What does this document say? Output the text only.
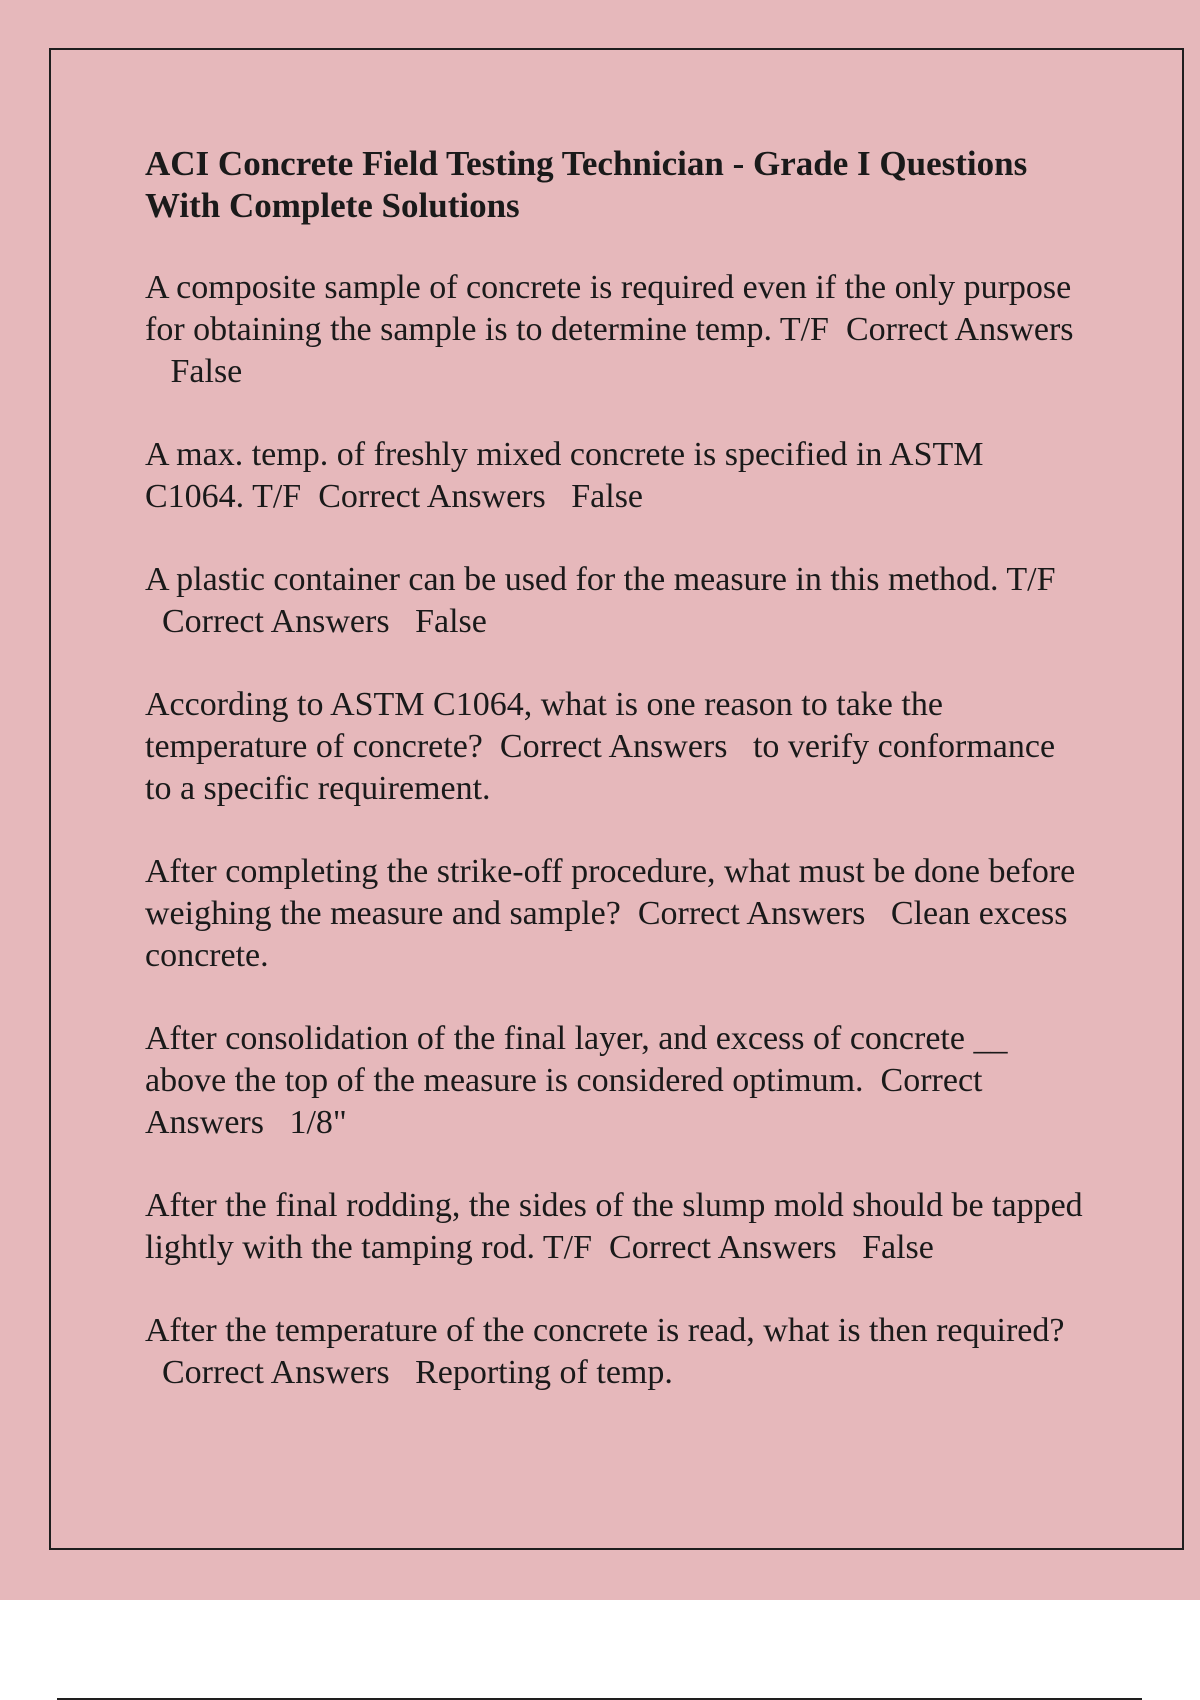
ACI Concrete Field Testing Technician - Grade I Questions With Complete Solutions
A composite sample of concrete is required even if the only purpose for obtaining the sample is to determine temp. T/F Correct Answers   False
A max. temp. of freshly mixed concrete is specified in ASTM C1064. T/F Correct Answers False
A plastic container can be used for the measure in this method. T/F  Correct Answers False
According to ASTM C1064, what is one reason to take the temperature of concrete? Correct Answers to verify conformance to a specific requirement.
After completing the strike-off procedure, what must be done before weighing the measure and sample? Correct Answers Clean excess concrete.
After consolidation of the final layer, and excess of concrete __ above the top of the measure is considered optimum. Correct Answers 1/8"
After the final rodding, the sides of the slump mold should be tapped lightly with the tamping rod. T/F Correct Answers False
After the temperature of the concrete is read, what is then required?  Correct Answers Reporting of temp.
